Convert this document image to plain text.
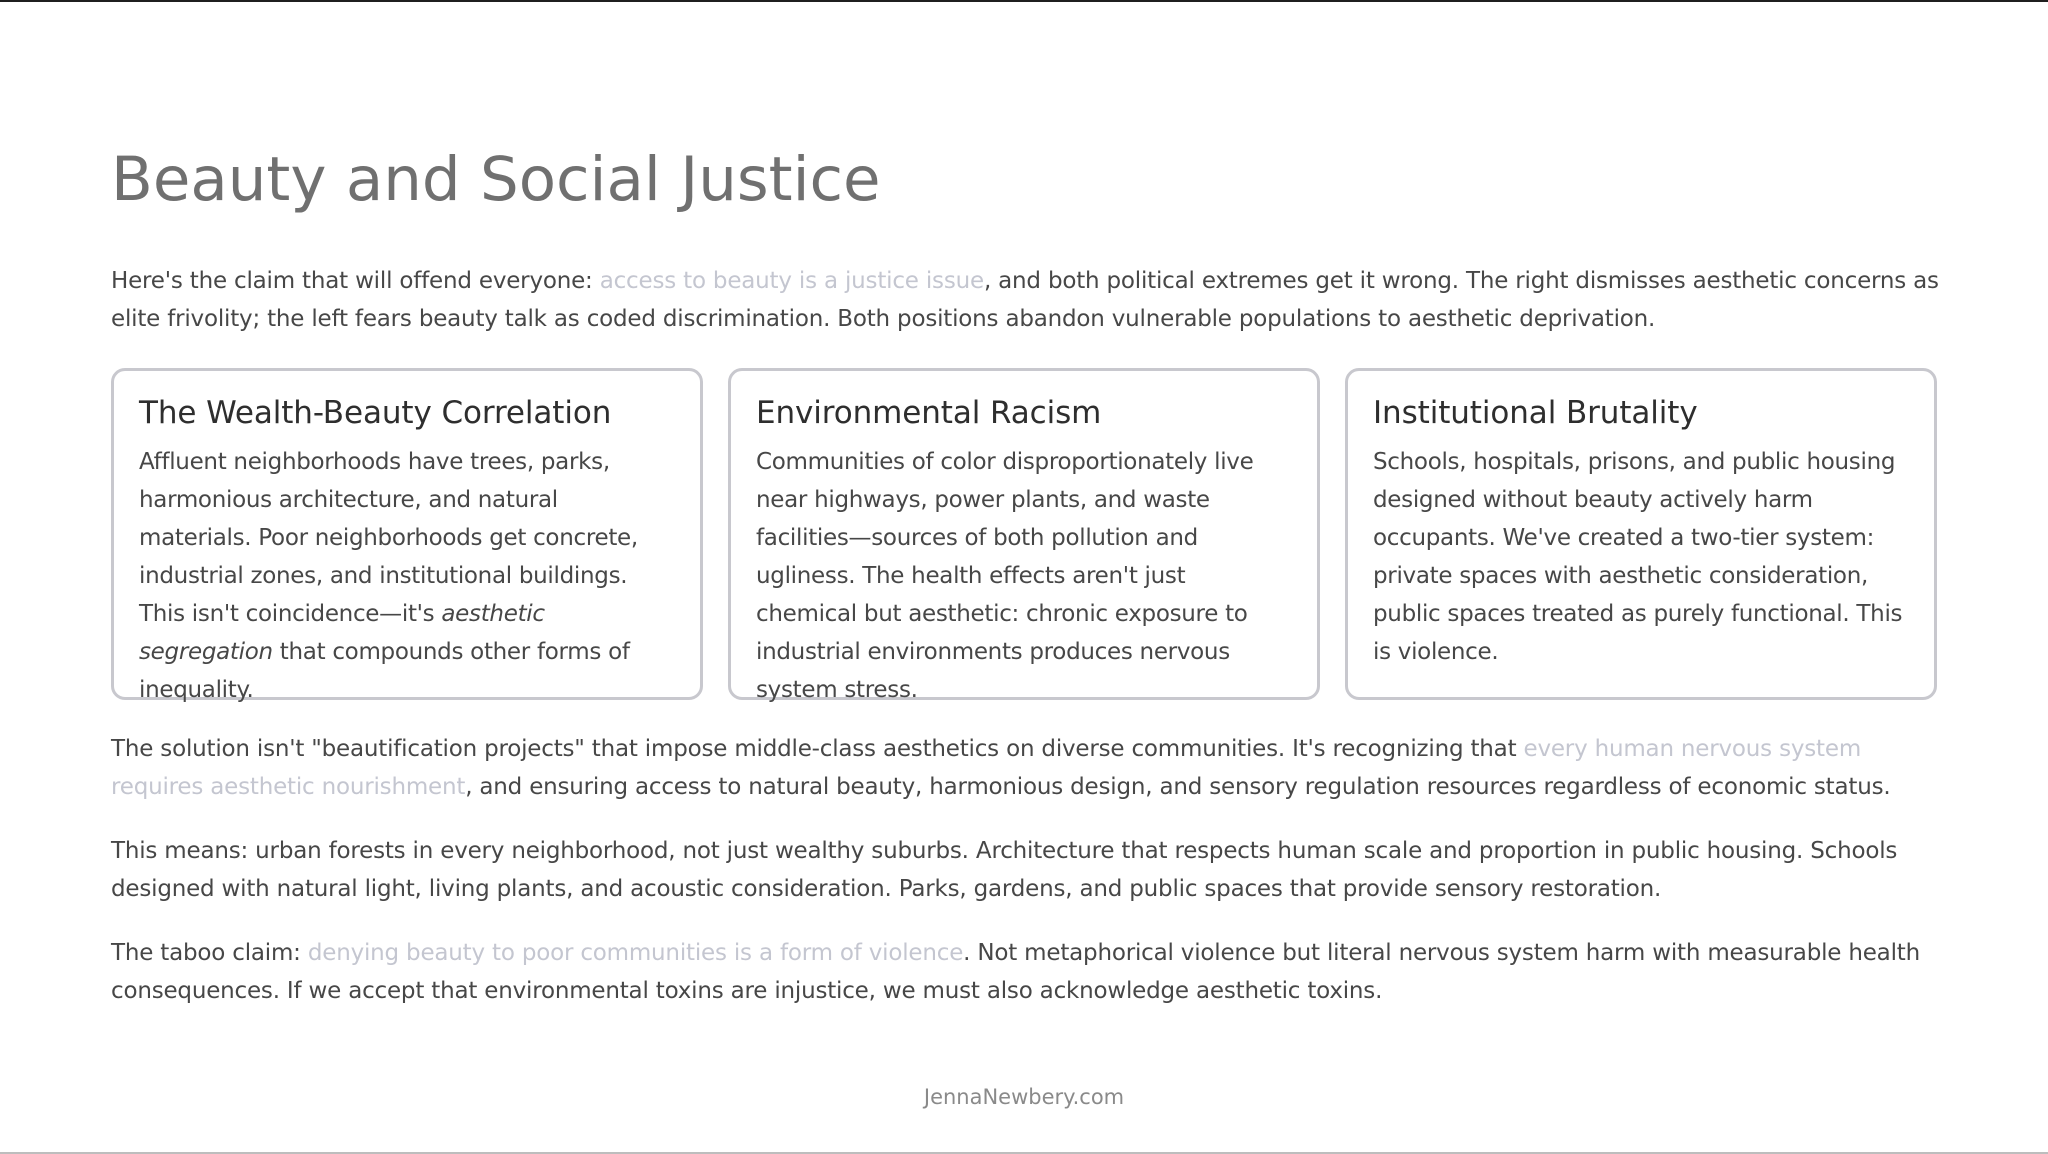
Beauty and Social Justice

Here's the claim that will offend everyone: access to beauty is a justice issue, and both political extremes get it wrong. The right dismisses aesthetic concerns as elite frivolity; the left fears beauty talk as coded discrimination. Both positions abandon vulnerable populations to aesthetic deprivation.

The Wealth-Beauty Correlation

Affluent neighborhoods have trees, parks, harmonious architecture, and natural materials. Poor neighborhoods get concrete, industrial zones, and institutional buildings. This isn't coincidence—it's aesthetic segregation that compounds other forms of inequality.

Environmental Racism

Communities of color disproportionately live near highways, power plants, and waste facilities—sources of both pollution and ugliness. The health effects aren't just chemical but aesthetic: chronic exposure to industrial environments produces nervous system stress.

Institutional Brutality

Schools, hospitals, prisons, and public housing designed without beauty actively harm occupants. We've created a two-tier system: private spaces with aesthetic consideration, public spaces treated as purely functional. This is violence.

The solution isn't "beautification projects" that impose middle-class aesthetics on diverse communities. It's recognizing that every human nervous system requires aesthetic nourishment, and ensuring access to natural beauty, harmonious design, and sensory regulation resources regardless of economic status.

This means: urban forests in every neighborhood, not just wealthy suburbs. Architecture that respects human scale and proportion in public housing. Schools designed with natural light, living plants, and acoustic consideration. Parks, gardens, and public spaces that provide sensory restoration.

The taboo claim: denying beauty to poor communities is a form of violence. Not metaphorical violence but literal nervous system harm with measurable health consequences. If we accept that environmental toxins are injustice, we must also acknowledge aesthetic toxins.

JennaNewbery.com
